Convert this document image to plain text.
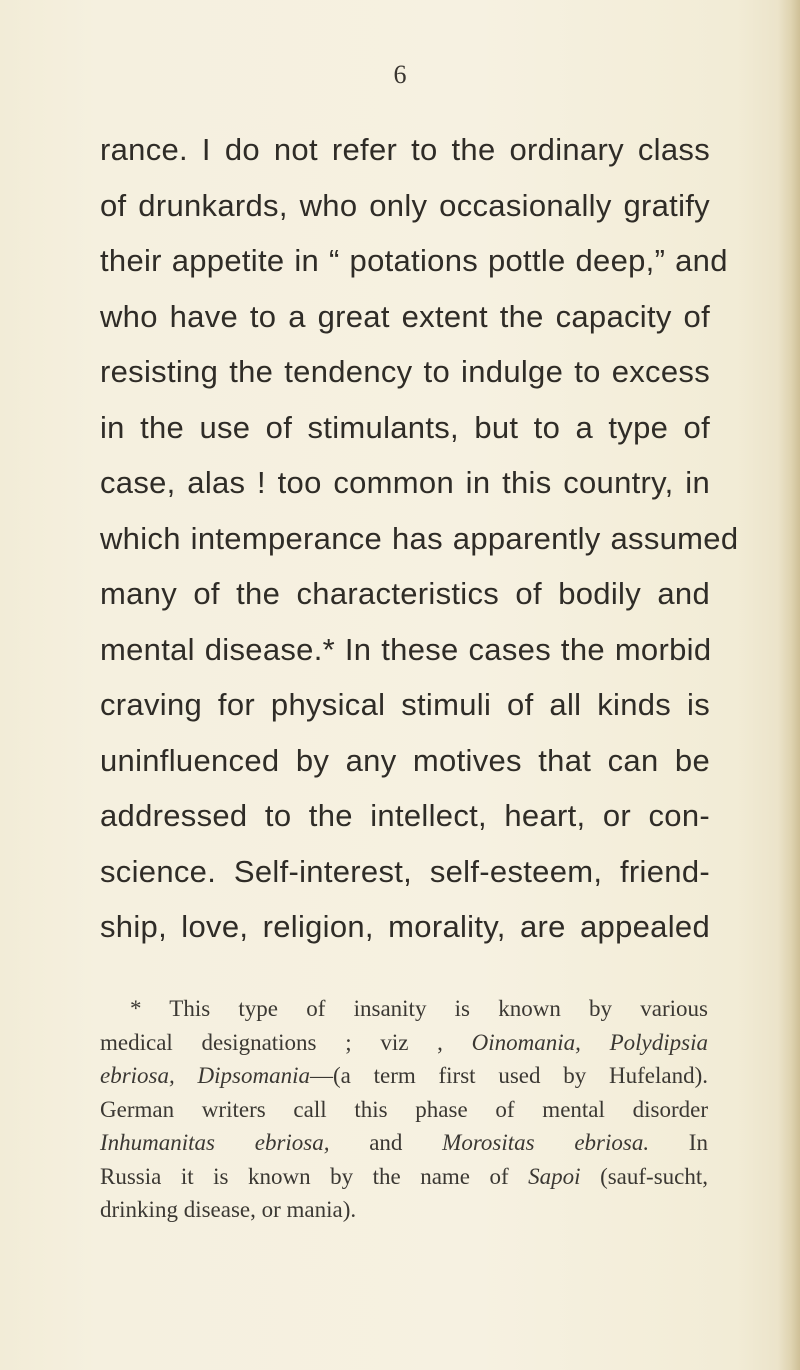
6
rance. I do not refer to the ordinary class
of drunkards, who only occasionally gratify
their appetite in “ potations pottle deep,” and
who have to a great extent the capacity of
resisting the tendency to indulge to excess
in the use of stimulants, but to a type of
case, alas ! too common in this country, in
which intemperance has apparently assumed
many of the characteristics of bodily and
mental disease.* In these cases the morbid
craving for physical stimuli of all kinds is
uninfluenced by any motives that can be
addressed to the intellect, heart, or con-
science. Self-interest, self-esteem, friend-
ship, love, religion, morality, are appealed
* This type of insanity is known by various
medical designations ; viz , Oinomania, Polydipsia
ebriosa, Dipsomania—(a term first used by Hufeland).
German writers call this phase of mental disorder
Inhumanitas ebriosa, and Morositas ebriosa. In
Russia it is known by the name of Sapoi (sauf-sucht,
drinking disease, or mania).
